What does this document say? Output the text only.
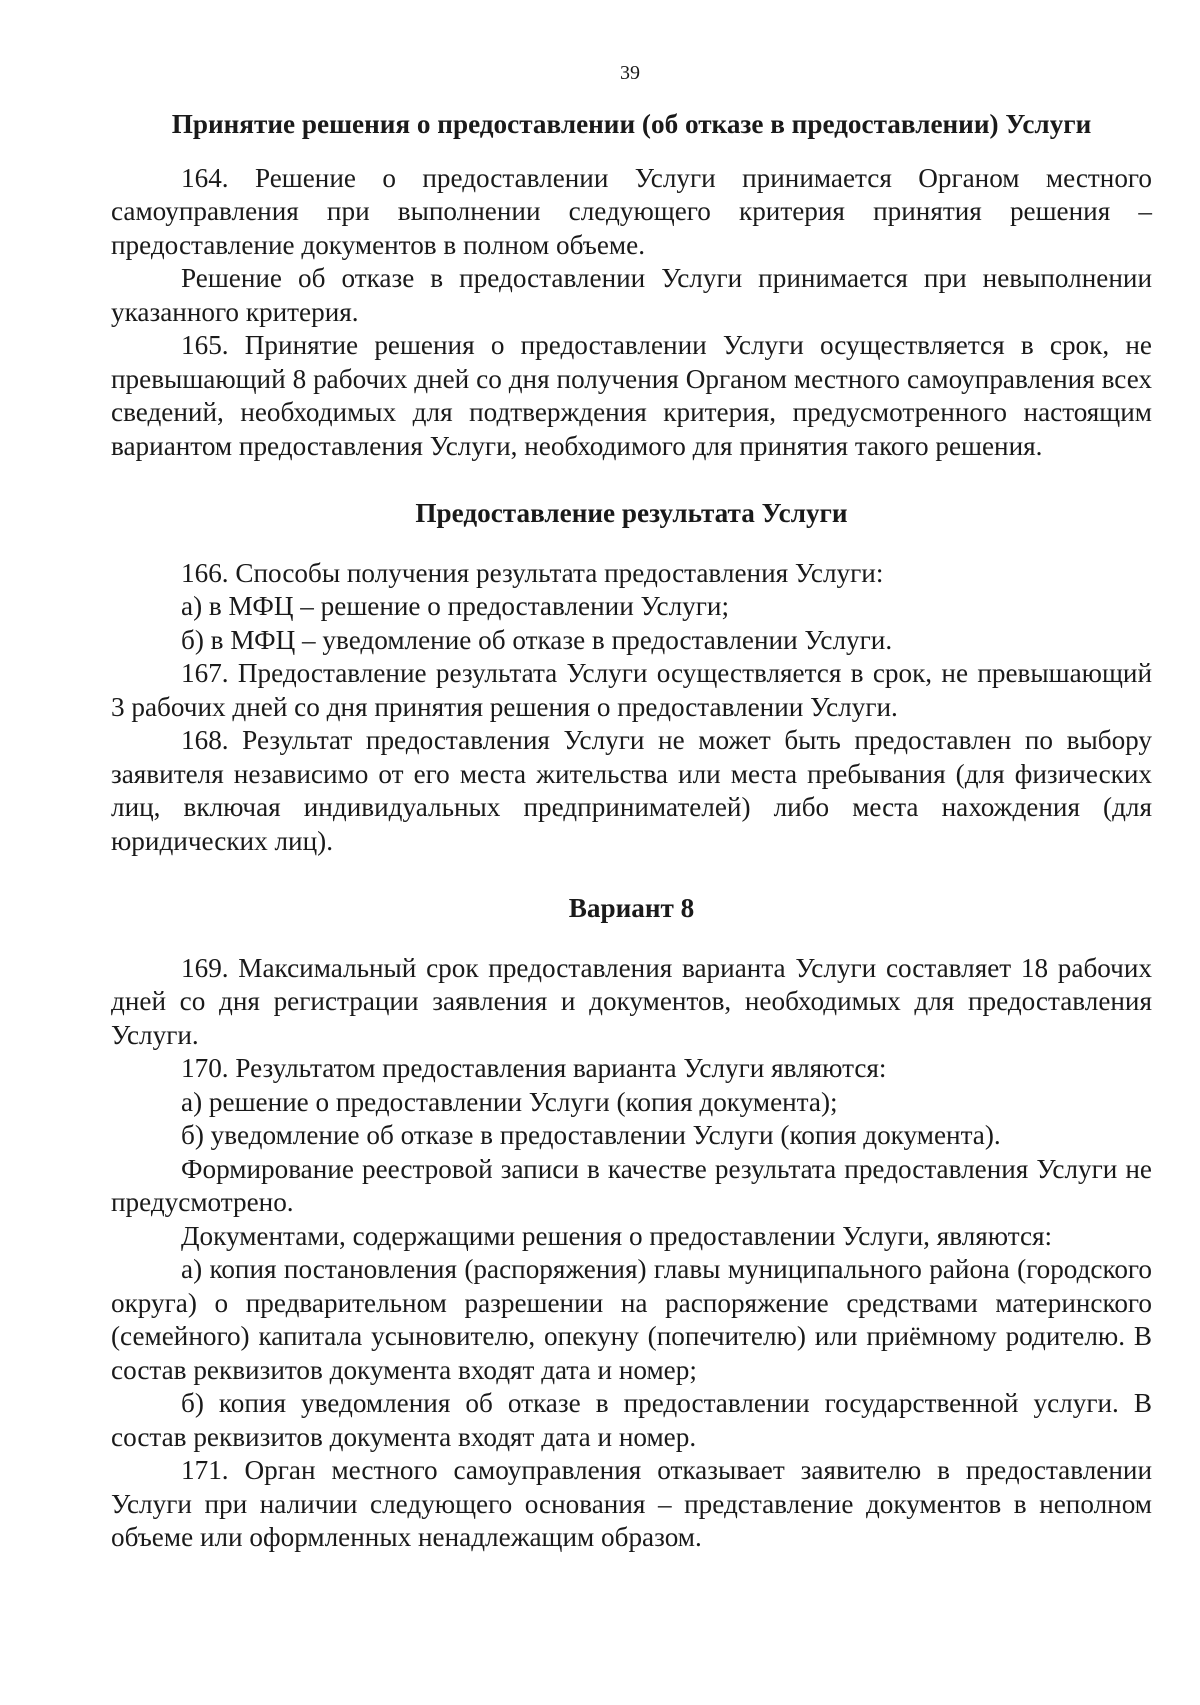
39
Принятие решения о предоставлении (об отказе в предоставлении) Услуги

164. Решение о предоставлении Услуги принимается Органом местного самоуправления при выполнении следующего критерия принятия решения – предоставление документов в полном объеме.

Решение об отказе в предоставлении Услуги принимается при невыполнении указанного критерия.

165. Принятие решения о предоставлении Услуги осуществляется в срок, не превышающий 8 рабочих дней со дня получения Органом местного самоуправления всех сведений, необходимых для подтверждения критерия, предусмотренного настоящим вариантом предоставления Услуги, необходимого для принятия такого решения.

Предоставление результата Услуги

166. Способы получения результата предоставления Услуги:

а) в МФЦ – решение о предоставлении Услуги;

б) в МФЦ – уведомление об отказе в предоставлении Услуги.

167. Предоставление результата Услуги осуществляется в срок, не превышающий 3 рабочих дней со дня принятия решения о предоставлении Услуги.

168. Результат предоставления Услуги не может быть предоставлен по выбору заявителя независимо от его места жительства или места пребывания (для физических лиц, включая индивидуальных предпринимателей) либо места нахождения (для юридических лиц).

Вариант 8

169. Максимальный срок предоставления варианта Услуги составляет 18 рабочих дней со дня регистрации заявления и документов, необходимых для предоставления Услуги.

170. Результатом предоставления варианта Услуги являются:

а) решение о предоставлении Услуги (копия документа);

б) уведомление об отказе в предоставлении Услуги (копия документа).

Формирование реестровой записи в качестве результата предоставления Услуги не предусмотрено.

Документами, содержащими решения о предоставлении Услуги, являются:

а) копия постановления (распоряжения) главы муниципального района (городского округа) о предварительном разрешении на распоряжение средствами материнского (семейного) капитала усыновителю, опекуну (попечителю) или приёмному родителю. В состав реквизитов документа входят дата и номер;

б) копия уведомления об отказе в предоставлении государственной услуги. В состав реквизитов документа входят дата и номер.

171. Орган местного самоуправления отказывает заявителю в предоставлении Услуги при наличии следующего основания – представление документов в неполном объеме или оформленных ненадлежащим образом.
